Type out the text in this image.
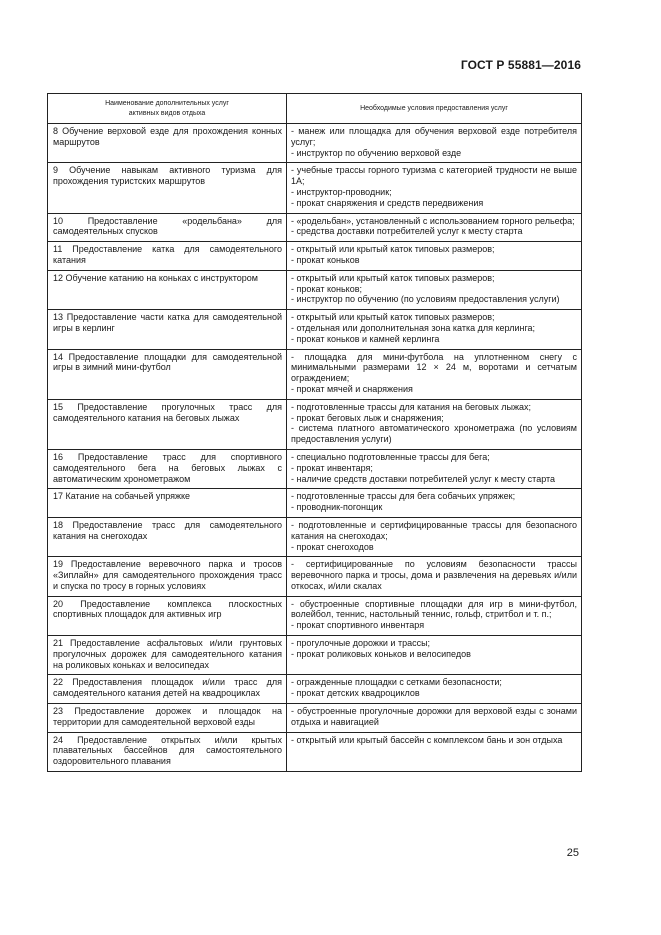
ГОСТ Р 55881—2016
Наименование дополнительных услуг
активных видов отдыха	Необходимые условия предоставления услуг
8 Обучение верховой езде для прохождения конных маршрутов	- манеж или площадка для обучения верховой езде потребителя услуг;
- инструктор по обучению верховой езде

9 Обучение навыкам активного туризма для прохождения туристских маршрутов	- учебные трассы горного туризма с категорией трудности не выше 1А;
- инструктор-проводник;
- прокат снаряжения и средств передвижения

10 Предоставление «родельбана» для самодеятельных спусков	- «родельбан», установленный с использованием горного рельефа;
- средства доставки потребителей услуг к месту старта

11 Предоставление катка для самодеятельного катания	- открытый или крытый каток типовых размеров;
- прокат коньков

12 Обучение катанию на коньках с инструктором	- открытый или крытый каток типовых размеров;
- прокат коньков;
- инструктор по обучению (по условиям предоставления услуги)

13 Предоставление части катка для самодеятельной игры в керлинг	- открытый или крытый каток типовых размеров;
- отдельная или дополнительная зона катка для керлинга;
- прокат коньков и камней керлинга

14 Предоставление площадки для самодеятельной игры в зимний мини-футбол	- площадка для мини-футбола на уплотненном снегу с минимальными размерами 12 × 24 м, воротами и сетчатым ограждением;
- прокат мячей и снаряжения

15 Предоставление прогулочных трасс для самодеятельного катания на беговых лыжах	- подготовленные трассы для катания на беговых лыжах;
- прокат беговых лыж и снаряжения;
- система платного автоматического хронометража (по условиям предоставления услуги)

16 Предоставление трасс для спортивного самодеятельного бега на беговых лыжах с автоматическим хронометражом	- специально подготовленные трассы для бега;
- прокат инвентаря;
- наличие средств доставки потребителей услуг к месту старта

17 Катание на собачьей упряжке	- подготовленные трассы для бега собачьих упряжек;
- проводник-погонщик

18 Предоставление трасс для самодеятельного катания на снегоходах	- подготовленные и сертифицированные трассы для безопасного катания на снегоходах;
- прокат снегоходов

19 Предоставление веревочного парка и тросов «Зиплайн» для самодеятельного прохождения трасс и спуска по тросу в горных условиях	- сертифицированные по условиям безопасности трассы веревочного парка и тросы, дома и развлечения на деревьях и/или откосах, и/или скалах

20 Предоставление комплекса плоскостных спортивных площадок для активных игр	- обустроенные спортивные площадки для игр в мини-футбол, волейбол, теннис, настольный теннис, гольф, стритбол и т. п.;
- прокат спортивного инвентаря

21 Предоставление асфальтовых и/или грунтовых прогулочных дорожек для самодеятельного катания на роликовых коньках и велосипедах	- прогулочные дорожки и трассы;
- прокат роликовых коньков и велосипедов

22 Предоставления площадок и/или трасс для самодеятельного катания детей на квадроциклах	- огражденные площадки с сетками безопасности;
- прокат детских квадроциклов

23 Предоставление дорожек и площадок на территории для самодеятельной верховой езды	- обустроенные прогулочные дорожки для верховой езды с зонами отдыха и навигацией

24 Предоставление открытых и/или крытых плавательных бассейнов для самостоятельного оздоровительного плавания	- открытый или крытый бассейн с комплексом бань и зон отдыха
25
